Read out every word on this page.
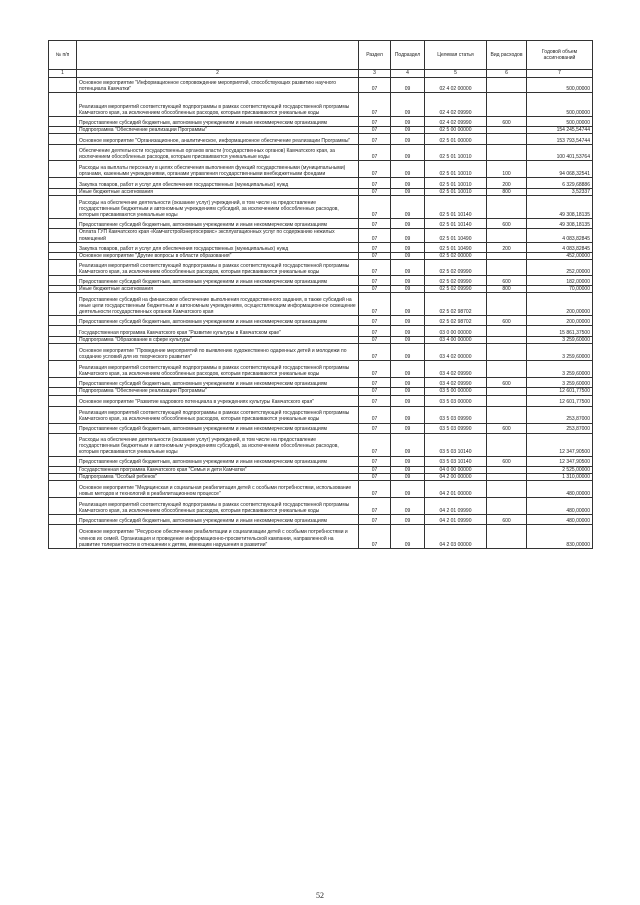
№ п/п		Раздел	Подраздел	Целевая статья	Вид расходов	Годовой объем ассигнований
1	2	3	4	5	6	7
	Основное мероприятие "Информационное сопровождение мероприятий, способствующих развитию научного потенциала Камчатки"	07	09	02 4 02 00000		500,00000
	Реализация мероприятий соответствующей подпрограммы в рамках соответствующей государственной программы Камчатского края, за исключением обособленных расходов, которым присваиваются уникальные коды	07	09	02 4 02 09990		500,00000
	Предоставление субсидий бюджетным, автономным учреждениям и иным некоммерческим организациям	07	09	02 4 02 09990	600	500,00000
	Подпрограмма "Обеспечение реализации Программы"	07	09	02 5 00 00000		154 245,54744
	Основное мероприятие "Организационное, аналитическое, информационное обеспечение реализации Программы"	07	09	02 5 01 00000		153 793,54744
	Обеспечение деятельности государственных органов власти (государственных органов) Камчатского края, за исключением обособленных расходов, которым присваиваются уникальные коды	07	09	02 5 01 10010		100 401,53764
	Расходы на выплаты персоналу в целях обеспечения выполнения функций государственными (муниципальными) органами, казенными учреждениями, органами управления государственными внебюджетными фондами	07	09	02 5 01 10010	100	94 068,32541
	Закупка товаров, работ и услуг для обеспечения государственных (муниципальных) нужд	07	09	02 5 01 10010	200	6 329,68886
	Иные бюджетные ассигнования	07	09	02 5 01 10010	800	3,52337
	Расходы на обеспечение деятельности (оказание услуг) учреждений, в том числе на предоставление государственным бюджетным и автономным учреждениям субсидий, за исключением обособленных расходов, которым присваиваются уникальные коды	07	09	02 5 01 10140		49 308,18135
	Предоставление субсидий бюджетным, автономным учреждениям и иным некоммерческим организациям	07	09	02 5 01 10140	600	49 308,18135
	Оплата ГУП Камчатского края «Камчатстройэнергосервис» эксплуатационных услуг по содержанию нежилых помещений	07	09	02 5 01 10490		4 083,82845
	Закупка товаров, работ и услуг для обеспечения государственных (муниципальных) нужд	07	09	02 5 01 10490	200	4 083,82845
	Основное мероприятие "Другие вопросы в области образования"	07	09	02 5 02 00000		452,00000
	Реализация мероприятий соответствующей подпрограммы в рамках соответствующей государственной программы Камчатского края, за исключением обособленных расходов, которым присваиваются уникальные коды	07	09	02 5 02 09990		252,00000
	Предоставление субсидий бюджетным, автономным учреждениям и иным некоммерческим организациям	07	09	02 5 02 09990	600	182,00000
	Иные бюджетные ассигнования	07	09	02 5 02 09990	800	70,00000
	Предоставление субсидий на финансовое обеспечение выполнения государственного задания, в также субсидий на иные цели государственным бюджетным и автономным учреждениям, осуществляющим информационное освещение деятельности государственных органов Камчатского края	07	09	02 5 02 98702		200,00000
	Предоставление субсидий бюджетным, автономным учреждениям и иным некоммерческим организациям	07	09	02 5 02 98702	600	200,00000
	Государственная программа Камчатского края "Развитие культуры в Камчатском крае"	07	09	03 0 00 00000		15 861,37500
	Подпрограмма "Образование в сфере культуры"	07	09	03 4 00 00000		3 259,60000
	Основное мероприятие "Проведение мероприятий по выявлению художественно одаренных детей и молодежи по созданию условий для их творческого развития"	07	09	03 4 02 00000		3 259,60000
	Реализация мероприятий соответствующей подпрограммы в рамках соответствующей государственной программы Камчатского края, за исключением обособленных расходов, которым присваиваются уникальные коды	07	09	03 4 02 09990		3 259,60000
	Предоставление субсидий бюджетным, автономным учреждениям и иным некоммерческим организациям	07	09	03 4 02 09990	600	3 259,60000
	Подпрограмма "Обеспечение реализации Программы"	07	09	03 5 00 00000		12 601,77500
	Основное мероприятие "Развитие кадрового потенциала в учреждениях культуры Камчатского края"	07	09	03 5 03 00000		12 601,77500
	Реализация мероприятий соответствующей подпрограммы в рамках соответствующей государственной программы Камчатского края, за исключением обособленных расходов, которым присваиваются уникальные коды	07	09	03 5 03 09990		253,87000
	Предоставление субсидий бюджетным, автономным учреждениям и иным некоммерческим организациям	07	09	03 5 03 09990	600	253,87000
	Расходы на обеспечение деятельности (оказание услуг) учреждений, в том числе на предоставление государственным бюджетным и автономным учреждениям субсидий, за исключением обособленных расходов, которым присваиваются уникальные коды	07	09	03 5 03 10140		12 347,90500
	Предоставление субсидий бюджетным, автономным учреждениям и иным некоммерческим организациям	07	09	03 5 03 10140	600	12 347,90500
	Государственная программа Камчатского края "Семья и дети Камчатки"	07	09	04 0 00 00000		2 525,00000
	Подпрограмма "Особый ребенок"	07	09	04 2 00 00000		1 310,00000
	Основное мероприятие "Медицинская и социальная реабилитация детей с особыми потребностями, использование новых методов и технологий в реабилитационном процессе"	07	09	04 2 01 00000		480,00000
	Реализация мероприятий соответствующей подпрограммы в рамках соответствующей государственной программы Камчатского края, за исключением обособленных расходов, которым присваиваются уникальные коды	07	09	04 2 01 09990		480,00000
	Предоставление субсидий бюджетным, автономным учреждениям и иным некоммерческим организациям	07	09	04 2 01 09990	600	480,00000
	Основное мероприятие "Ресурсное обеспечение реабилитации и социализации детей с особыми потребностями и членов их семей. Организация и проведение информационно-просветительской кампании, направленной на развитие толерантности в отношении к детям, имеющим нарушения в развитии"	07	09	04 2 03 00000		830,00000
52
